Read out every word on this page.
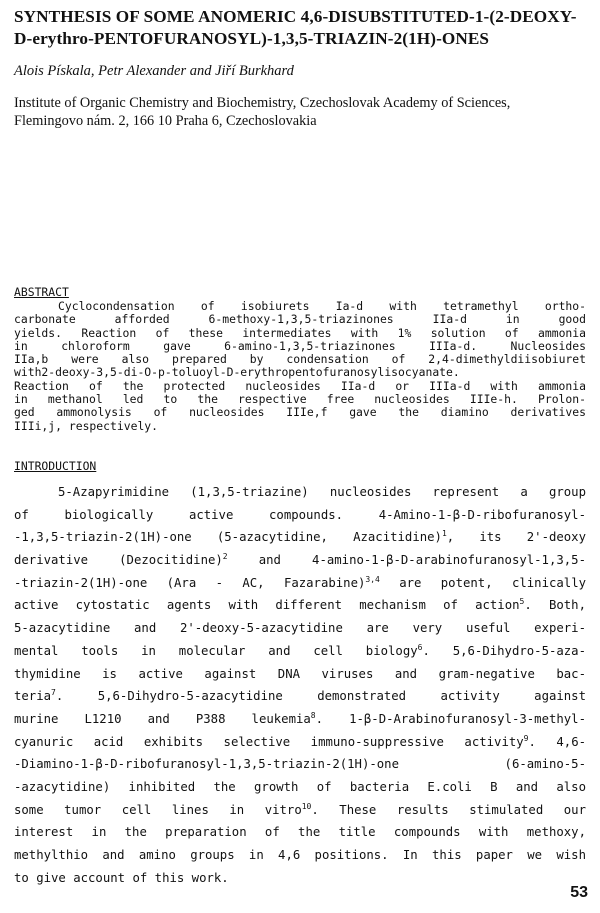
SYNTHESIS OF SOME ANOMERIC 4,6-DISUBSTITUTED-1-(2-DEOXY-D-erythro-PENTOFURANOSYL)-1,3,5-TRIAZIN-2(1H)-ONES

Alois Pískala, Petr Alexander and Jiří Burkhard

Institute of Organic Chemistry and Biochemistry, Czechoslovak Academy of Sciences,
Flemingovo nám. 2, 166 10 Praha 6, Czechoslovakia

ABSTRACT

Cyclocondensation of isobiurets Ia-d with tetramethyl ortho-
carbonate afforded 6-methoxy-1,3,5-triazinones IIa-d in good
yields. Reaction of these intermediates with 1% solution of ammonia
in chloroform gave 6-amino-1,3,5-triazinones IIIa-d. Nucleosides
IIa,b were also prepared by condensation of 2,4-dimethyldiisobiuret
with2-deoxy-3,5-di-O-p-toluoyl-D-erythropentofuranosylisocyanate.
Reaction of the protected nucleosides IIa-d or IIIa-d with ammonia
in methanol led to the respective free nucleosides IIIe-h. Prolon-
ged ammonolysis of nucleosides IIIe,f gave the diamino derivatives
IIIi,j, respectively.

INTRODUCTION

5-Azapyrimidine (1,3,5-triazine) nucleosides represent a group
of biologically active compounds. 4-Amino-1-β-D-ribofuranosyl-
-1,3,5-triazin-2(1H)-one (5-azacytidine, Azacitidine)$^1$, its 2'-deoxy
derivative (Dezocitidine)$^2$ and 4-amino-1-β-D-arabinofuranosyl-1,3,5-
-triazin-2(1H)-one (Ara - AC, Fazarabine)$^{3,4}$ are potent, clinically
active cytostatic agents with different mechanism of action$^5$. Both,
5-azacytidine and 2'-deoxy-5-azacytidine are very useful experi-
mental tools in molecular and cell biology$^6$. 5,6-Dihydro-5-aza-
thymidine is active against DNA viruses and gram-negative bac-
teria$^7$. 5,6-Dihydro-5-azacytidine demonstrated activity against
murine L1210 and P388 leukemia$^8$. 1-β-D-Arabinofuranosyl-3-methyl-
cyanuric acid exhibits selective immuno-suppressive activity$^9$. 4,6-
-Diamino-1-β-D-ribofuranosyl-1,3,5-triazin-2(1H)-one (6-amino-5-
-azacytidine) inhibited the growth of bacteria E.coli B and also
some tumor cell lines in vitro$^{10}$. These results stimulated our
interest in the preparation of the title compounds with methoxy,
methylthio and amino groups in 4,6 positions. In this paper we wish
to give account of this work.

53
